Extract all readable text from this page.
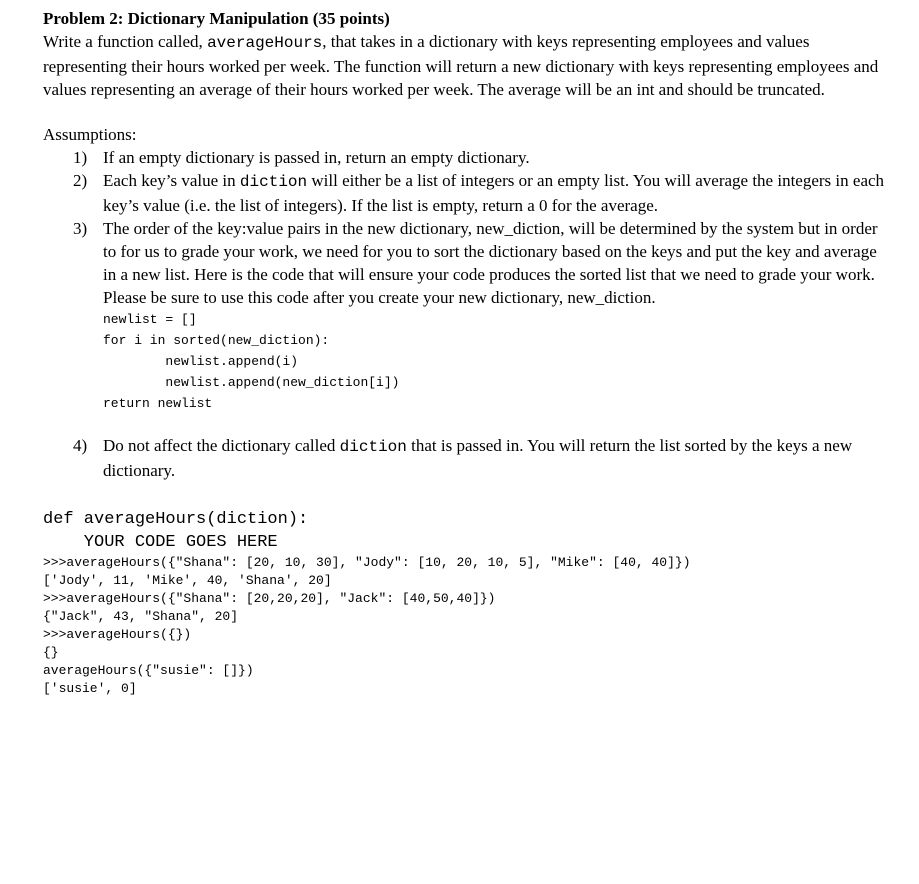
Problem 2: Dictionary Manipulation (35 points)

Write a function called, averageHours, that takes in a dictionary with keys representing employees and values representing their hours worked per week. The function will return a new dictionary with keys representing employees and values representing an average of their hours worked per week. The average will be an int and should be truncated.

Assumptions:

1) If an empty dictionary is passed in, return an empty dictionary.
2) Each key’s value in diction will either be a list of integers or an empty list. You will average the integers in each key’s value (i.e. the list of integers). If the list is empty, return a 0 for the average.
3) The order of the key:value pairs in the new dictionary, new_diction, will be determined by the system but in order to for us to grade your work, we need for you to sort the dictionary based on the keys and put the key and average in a new list. Here is the code that will ensure your code produces the sorted list that we need to grade your work. Please be sure to use this code after you create your new dictionary, new_diction.
newlist = []
for i in sorted(new_diction):
newlist.append(i)
newlist.append(new_diction[i])
return newlist
4) Do not affect the dictionary called diction that is passed in. You will return the list sorted by the keys a new dictionary.
def averageHours(diction):
YOUR CODE GOES HERE
>>>averageHours({"Shana": [20, 10, 30], "Jody": [10, 20, 10, 5], "Mike": [40, 40]})
['Jody', 11, 'Mike', 40, 'Shana', 20]
>>>averageHours({"Shana": [20,20,20], "Jack": [40,50,40]})
{"Jack", 43, "Shana", 20]
>>>averageHours({})
{}
averageHours({"susie": []})
['susie', 0]
